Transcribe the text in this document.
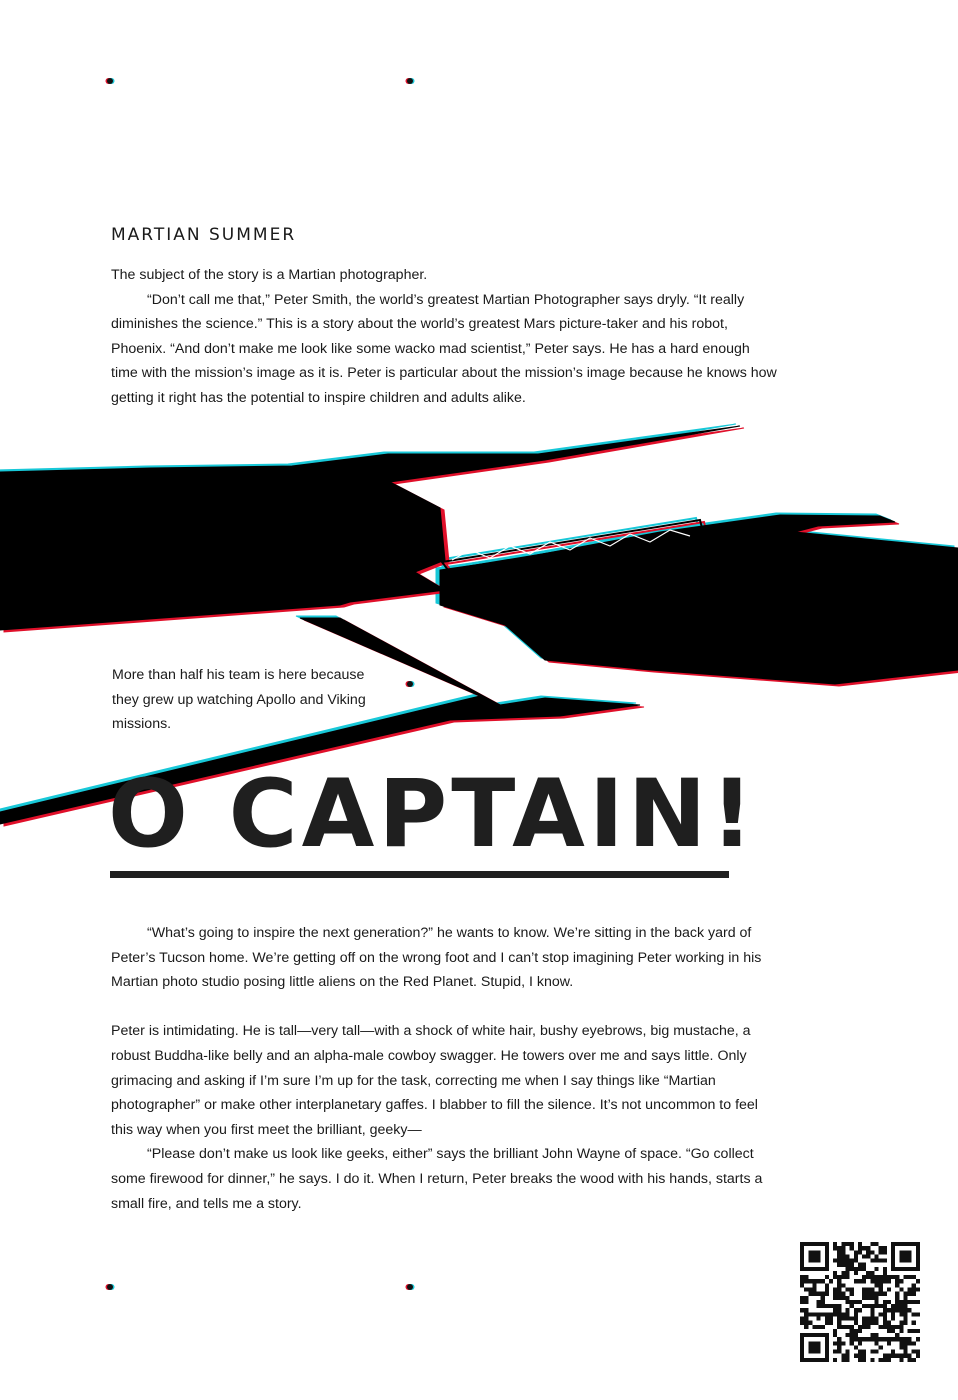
MARTIAN SUMMER

The subject of the story is a Martian photographer.

“Don’t call me that,” Peter Smith, the world’s greatest Martian Photographer says dryly. “It really diminishes the science.” This is a story about the world’s greatest Mars picture-taker and his robot, Phoenix. “And don’t make me look like some wacko mad scientist,” Peter says. He has a hard enough time with the mission’s image as it is. Peter is particular about the mission’s image because he knows how getting it right has the potential to inspire children and adults alike.

More than half his team is here because they grew up watching Apollo and Viking missions.

O CAPTAIN!

“What’s going to inspire the next generation?” he wants to know. We’re sitting in the back yard of Peter’s Tucson home. We’re getting off on the wrong foot and I can’t stop imagining Peter working in his Martian photo studio posing little aliens on the Red Planet. Stupid, I know.

Peter is intimidating. He is tall—very tall—with a shock of white hair, bushy eyebrows, big mustache, a robust Buddha-like belly and an alpha-male cowboy swagger. He towers over me and says little. Only grimacing and asking if I’m sure I’m up for the task, correcting me when I say things like “Martian photographer” or make other interplanetary gaffes. I blabber to fill the silence. It’s not uncommon to feel this way when you first meet the brilliant, geeky—

“Please don’t make us look like geeks, either” says the brilliant John Wayne of space. “Go collect some firewood for dinner,” he says. I do it. When I return, Peter breaks the wood with his hands, starts a small fire, and tells me a story.
